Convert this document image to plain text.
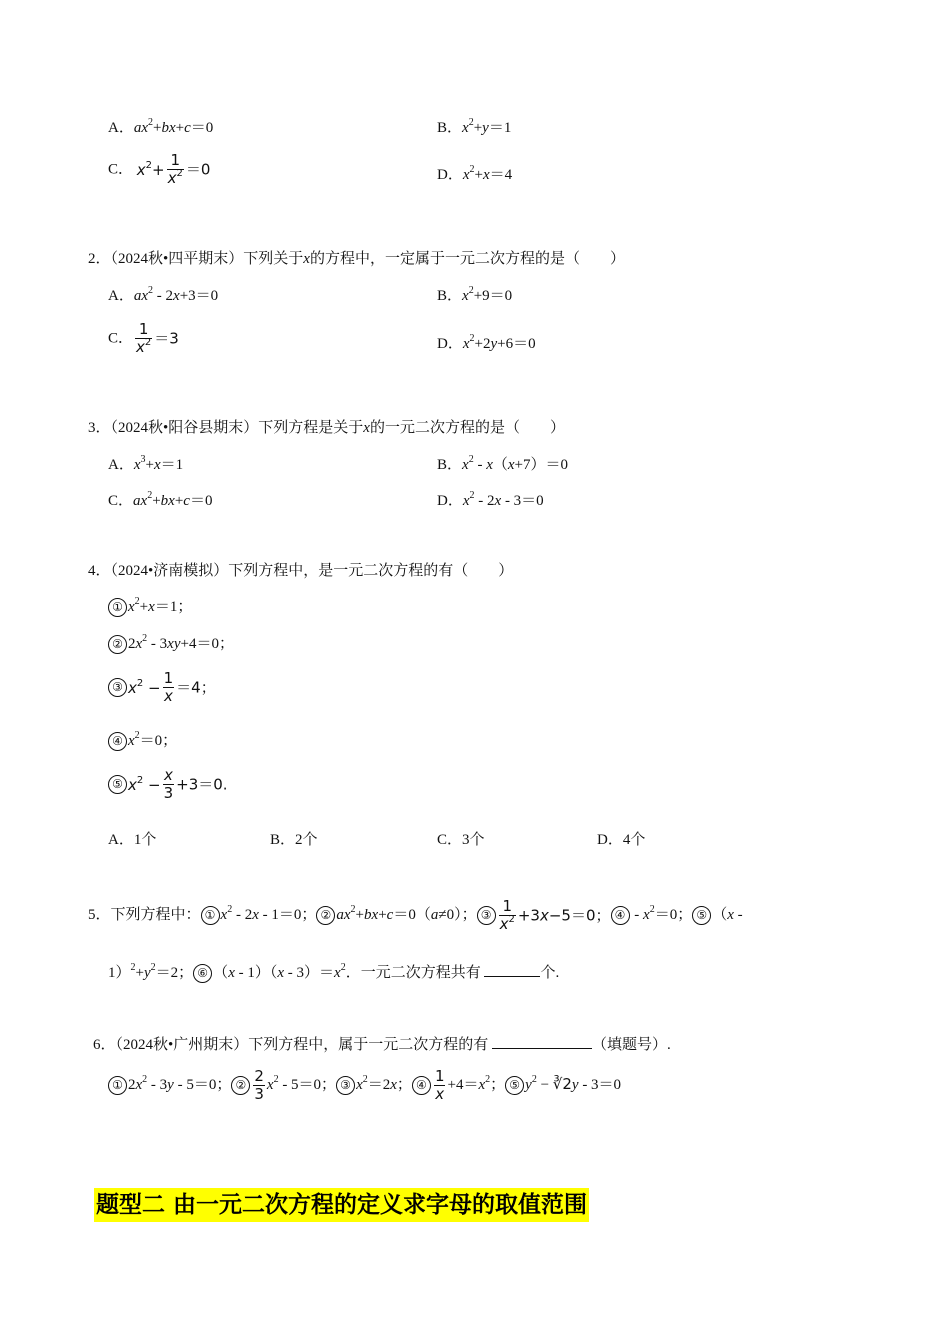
A．$ax^2+bx+c=0$	B．$x^2+y=1$
C． $x^2+ \frac{1}{x^2} =0$	D．$x^2+x=4$
2．（2024秋•四平期末）下列关于x的方程中，一定属于一元二次方程的是（　　）
A．$ax^2 - 2x+3=0$	B．$x^2+9=0$
C． $\frac{1}{x^2} =3$	D．$x^2+2y+6=0$
3．（2024秋•阳谷县期末）下列方程是关于x的一元二次方程的是（　　）
A．$x^3+x=1$	B．$x^2 - x(x+7)=0$
C．$ax^2+bx+c=0$	D．$x^2 - 2x - 3=0$
4．（2024•济南模拟）下列方程中，是一元二次方程的有（　　）
① $x^2+x=1$；
② $2x^2 - 3xy+4=0$；
③ $x^2 - \frac{1}{x} =4$；
④ $x^2=0$；
⑤ $x^2 - \frac{x}{3} +3=0$.
A．1个	B．2个	C．3个	D．4个
5．下列方程中： ① $x^2 - 2x - 1=0$； ② $ax^2+bx+c=0(a\ne 0)$； ③ $\frac{1}{x^2} +3x-5=0$； ④ - $x^2=0$； ⑤ （x -
$1)^2+y^2=2$； ⑥ $(x - 1)(x - 3)=x^2$．一元二次方程共有	个.
6．（2024秋•广州期末）下列方程中，属于一元二次方程的有	（填题号）.
① $2x^2 - 3y - 5=0$； ② $\frac{2}{3} x^2 - 5=0$； ③ $x^2=2x$； ④ $\frac{1}{x} +4=x^2$； ⑤ $y^2$ − ∛2y - 3＝0
题型二 由一元二次方程的定义求字母的取值范围
